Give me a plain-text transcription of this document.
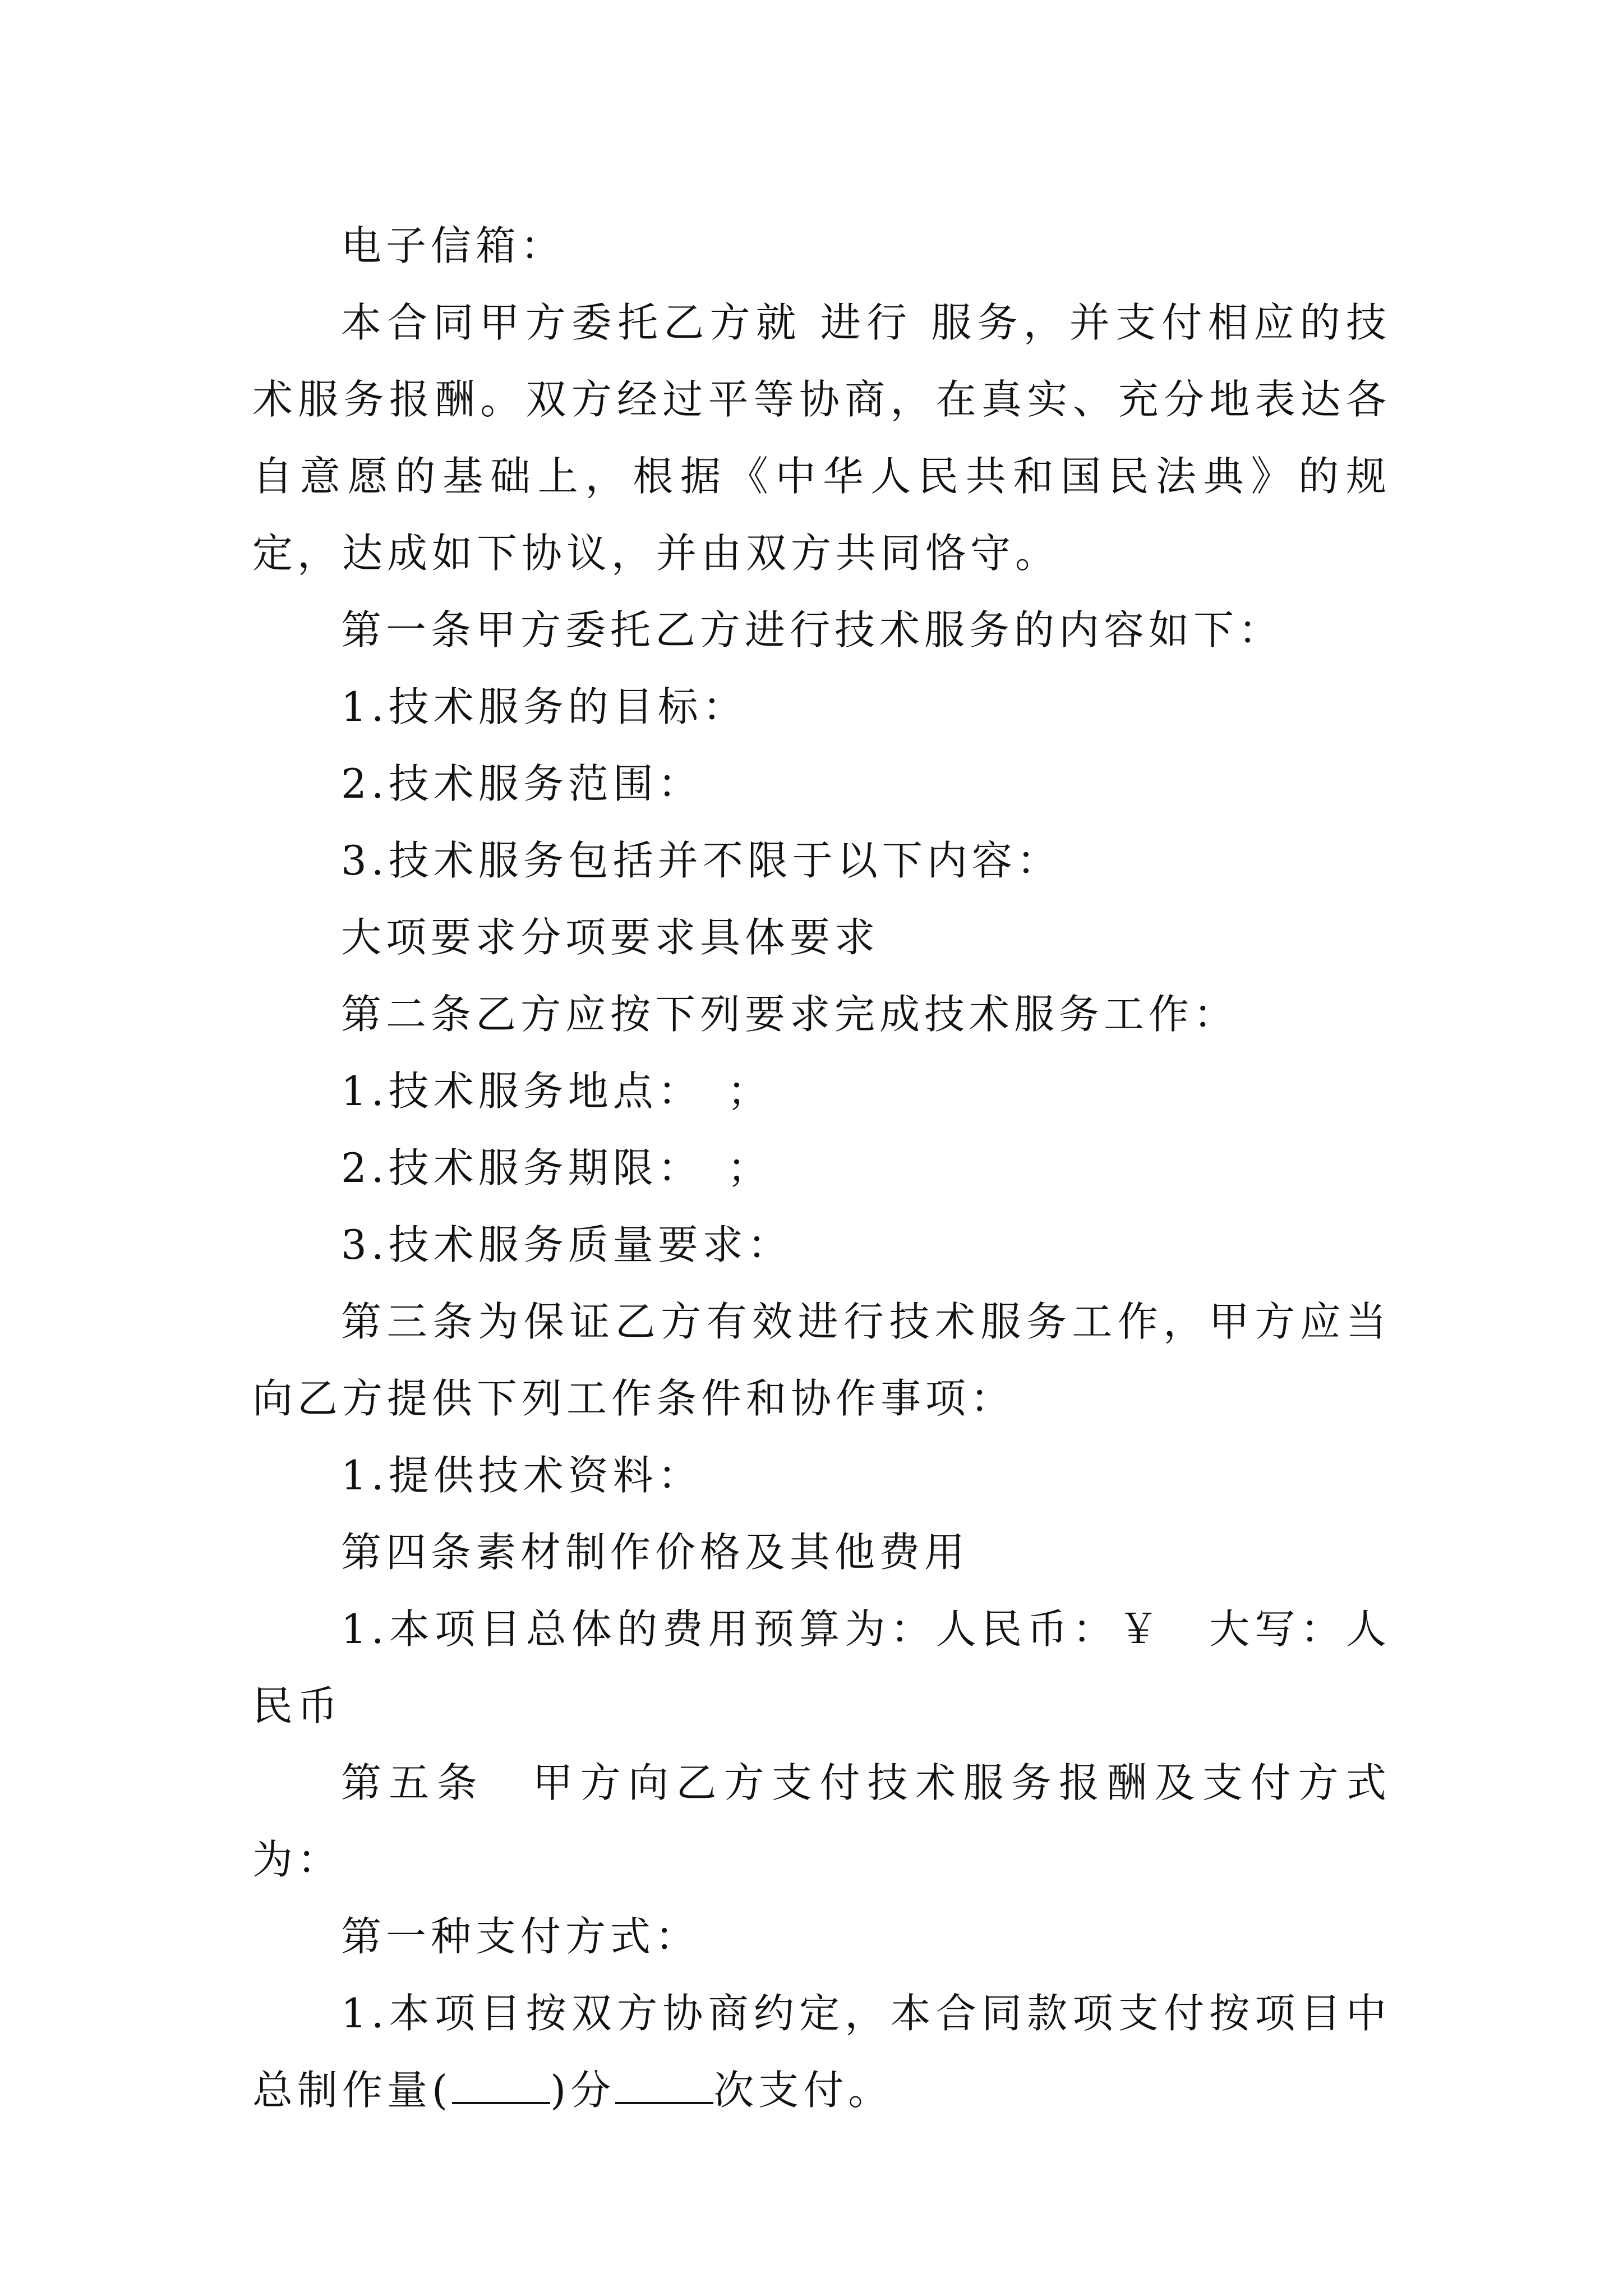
电子信箱：

本合同甲方委托乙方就 进行 服务，并支付相应的技术服务报酬。双方经过平等协商，在真实、充分地表达各自意愿的基础上，根据《中华人民共和国民法典》的规定，达成如下协议，并由双方共同恪守。

第一条甲方委托乙方进行技术服务的内容如下：

1.技术服务的目标：

2.技术服务范围：

3.技术服务包括并不限于以下内容：

大项要求分项要求具体要求

第二条乙方应按下列要求完成技术服务工作：

1.技术服务地点：　；

2.技术服务期限：　；

3.技术服务质量要求：

第三条为保证乙方有效进行技术服务工作，甲方应当向乙方提供下列工作条件和协作事项：

1.提供技术资料：

第四条素材制作价格及其他费用

1.本项目总体的费用预算为：人民币：￥　大写：人民币

第五条　甲方向乙方支付技术服务报酬及支付方式为：

第一种支付方式：

1.本项目按双方协商约定，本合同款项支付按项目中总制作量( )分 次支付。
